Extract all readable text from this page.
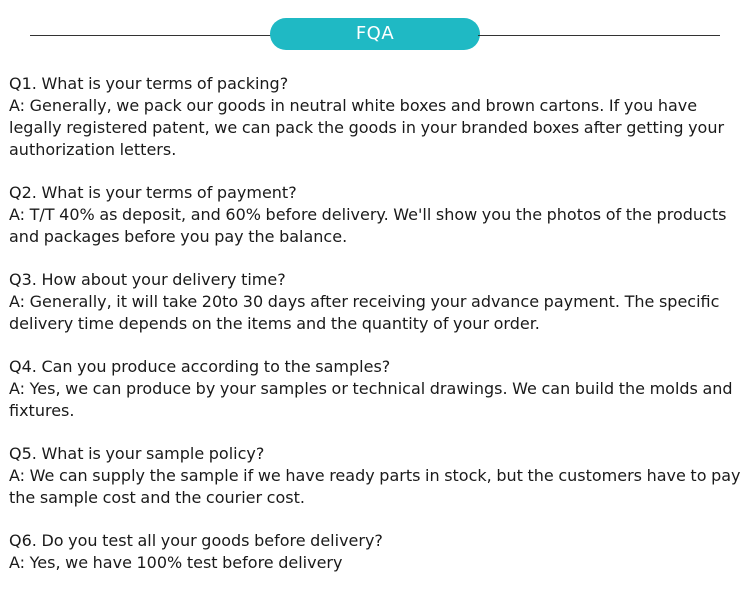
FQA
Q1. What is your terms of packing?
A: Generally, we pack our goods in neutral white boxes and brown cartons. If you have legally registered patent, we can pack the goods in your branded boxes after getting your authorization letters.
Q2. What is your terms of payment?
A: T/T 40% as deposit, and 60% before delivery. We'll show you the photos of the products and packages before you pay the balance.
Q3. How about your delivery time?
A: Generally, it will take 20to 30 days after receiving your advance payment. The specific delivery time depends on the items and the quantity of your order.
Q4. Can you produce according to the samples?
A: Yes, we can produce by your samples or technical drawings. We can build the molds and fixtures.
Q5. What is your sample policy?
A: We can supply the sample if we have ready parts in stock, but the customers have to pay the sample cost and the courier cost.
Q6. Do you test all your goods before delivery?
A: Yes, we have 100% test before delivery
